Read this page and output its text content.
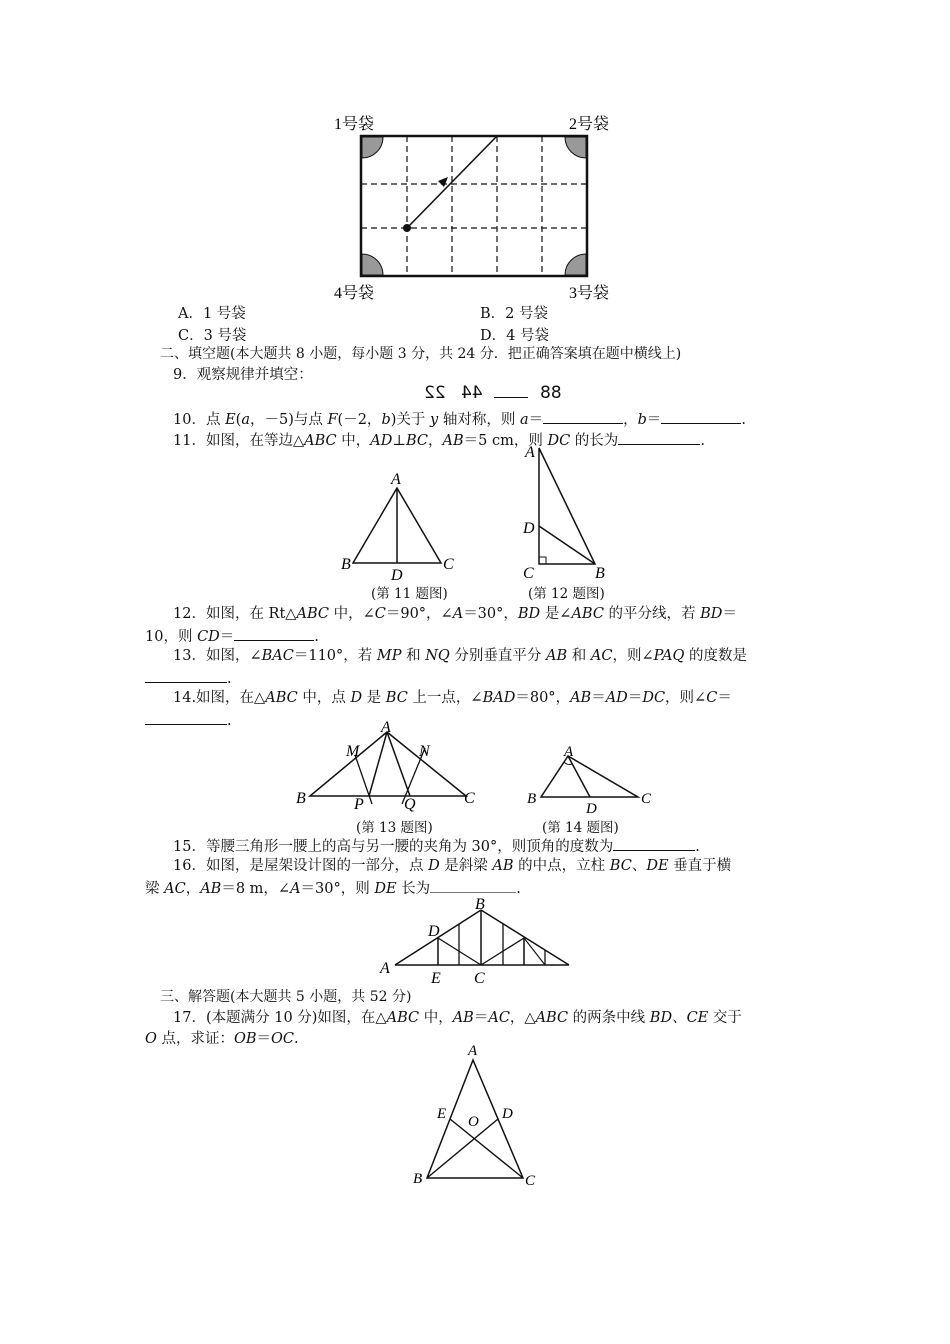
1号袋	2号袋
4号袋	3号袋
A．1 号袋	B．2 号袋
C．3 号袋	D．4 号袋
二、填空题(本大题共 8 小题，每小题 3 分，共 24 分．把正确答案填在题中横线上)
9．观察规律并填空：
22 44	88
10．点 E(a，－5)与点 F(－2，b)关于 y 轴对称，则 a＝	，b＝	.
11．如图，在等边△ABC 中，AD⊥BC，AB＝5 cm，则 DC 的长为	.
A
B	C
D
(第 11 题图)
A
D
C	B
(第 12 题图)
12．如图，在 Rt△ABC 中，∠C＝90°，∠A＝30°，BD 是∠ABC 的平分线，若 BD＝
10，则 CD＝	.
13．如图，∠BAC＝110°，若 MP 和 NQ 分别垂直平分 AB 和 AC，则∠PAQ 的度数是
.
14.如图，在△ABC 中，点 D 是 BC 上一点，∠BAD＝80°，AB＝AD＝DC，则∠C＝
.	A
M	N
B	C
P	Q
(第 13 题图)
A
B	C
D
(第 14 题图)
15．等腰三角形一腰上的高与另一腰的夹角为 30°，则顶角的度数为	.
16．如图，是屋架设计图的一部分，点 D 是斜梁 AB 的中点，立柱 BC、DE 垂直于横
梁 AC，AB＝8 m，∠A＝30°，则 DE 长为	.
B
D
A
E C
三、解答题(本大题共 5 小题，共 52 分)
17．(本题满分 10 分)如图，在△ABC 中，AB＝AC，△ABC 的两条中线 BD、CE 交于
O 点，求证：OB＝OC.
A
E O D
B	C
